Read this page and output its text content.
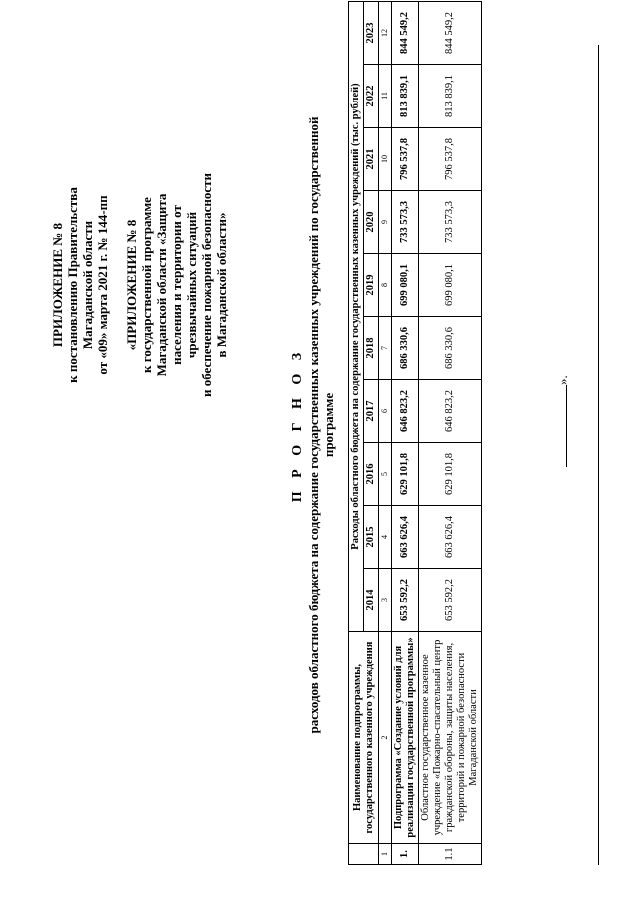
ПРИЛОЖЕНИЕ № 8 к постановлению Правительства Магаданской области от «09» марта 2021 г. № 144-пп «ПРИЛОЖЕНИЕ № 8 к государственной программе Магаданской области «Защита населения и территории от чрезвычайных ситуаций и обеспечение пожарной безопасности в Магаданской области»
П Р О Г Н О З расходов областного бюджета на содержание государственных казенных учреждений по государственной программе
	Наименование подпрограммы, государственного казенного учреждения	Расходы областного бюджета на содержание государственных казенных учреждений (тыс. рублей)									
		2014	2015	2016	2017	2018	2019	2020	2021	2022	2023
1	2	3	4	5	6	7	8	9	10	11	12
1.	Подпрограмма «Создание условий для реализации государственной программы»	653 592,2	663 626,4	629 101,8	646 823,2	686 330,6	699 080,1	733 573,3	796 537,8	813 839,1	844 549,2
1.1	Областное государственное казенное учреждение «Пожарно-спасательный центр гражданской обороны, защиты населения, территорий и пожарной безопасности Магаданской области	653 592,2	663 626,4	629 101,8	646 823,2	686 330,6	699 080,1	733 573,3	796 537,8	813 839,1	844 549,2
».
